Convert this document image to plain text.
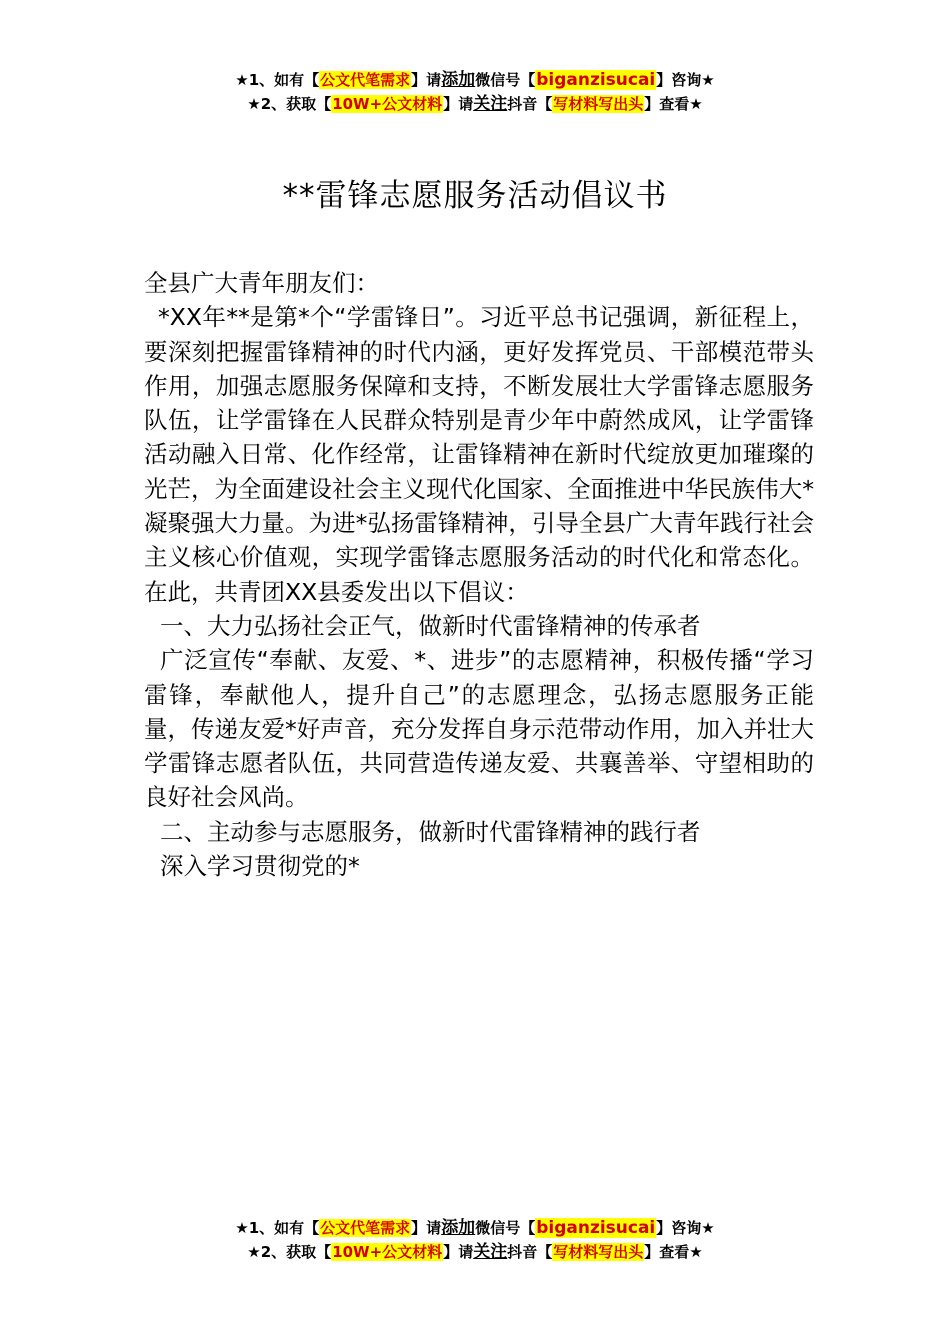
★1、如有【公文代笔需求】请添加微信号【biganzisucai】咨询★
★2、获取【10W+公文材料】请关注抖音【写材料写出头】查看★
**雷锋志愿服务活动倡议书

全县广大青年朋友们：

*XX年**是第*个“学雷锋日”。习近平总书记强调，新征程上，要深刻把握雷锋精神的时代内涵，更好发挥党员、干部模范带头作用，加强志愿服务保障和支持，不断发展壮大学雷锋志愿服务队伍，让学雷锋在人民群众特别是青少年中蔚然成风，让学雷锋活动融入日常、化作经常，让雷锋精神在新时代绽放更加璀璨的光芒，为全面建设社会主义现代化国家、全面推进中华民族伟大*凝聚强大力量。为进*弘扬雷锋精神，引导全县广大青年践行社会主义核心价值观，实现学雷锋志愿服务活动的时代化和常态化。在此，共青团XX县委发出以下倡议：

一、大力弘扬社会正气，做新时代雷锋精神的传承者

广泛宣传“奉献、友爱、*、进步”的志愿精神，积极传播“学习雷锋，奉献他人，提升自己”的志愿理念，弘扬志愿服务正能量，传递友爱*好声音，充分发挥自身示范带动作用，加入并壮大学雷锋志愿者队伍，共同营造传递友爱、共襄善举、守望相助的良好社会风尚。

二、主动参与志愿服务，做新时代雷锋精神的践行者

深入学习贯彻党的*

★1、如有【公文代笔需求】请添加微信号【biganzisucai】咨询★
★2、获取【10W+公文材料】请关注抖音【写材料写出头】查看★
